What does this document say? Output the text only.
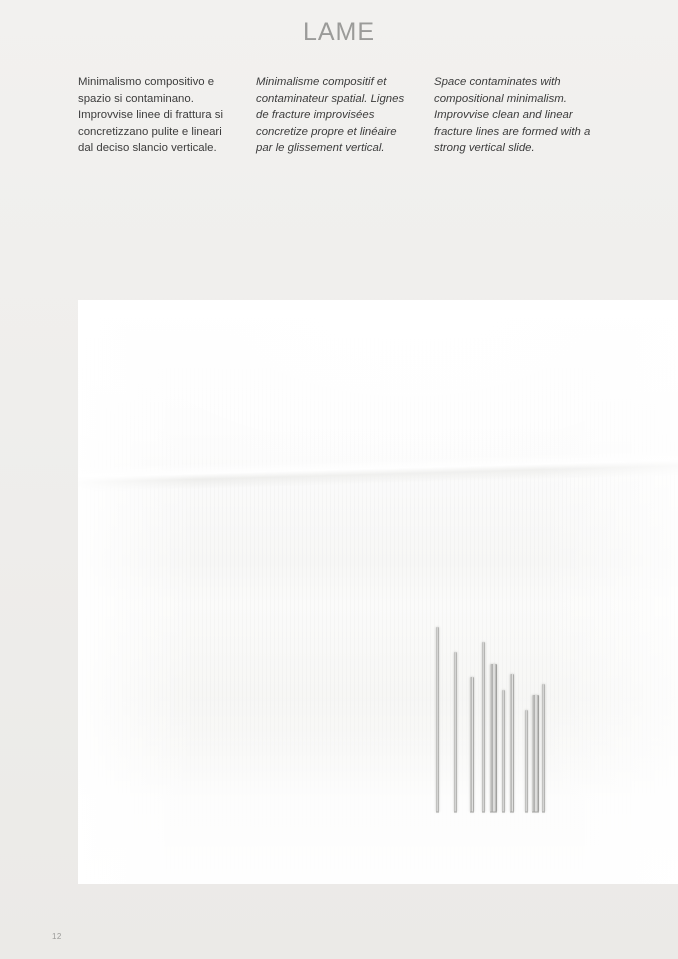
LAME

Minimalismo compositivo e spazio si contaminano. Improvvise linee di frattura si concretizzano pulite e lineari dal deciso slancio verticale.

Minimalisme compositif et contaminateur spatial. Lignes de fracture improvisées concretize propre et linéaire par le glissement vertical.

Space contaminates with compositional minimalism. Improvvise clean and linear fracture lines are formed with a strong vertical slide.

12
